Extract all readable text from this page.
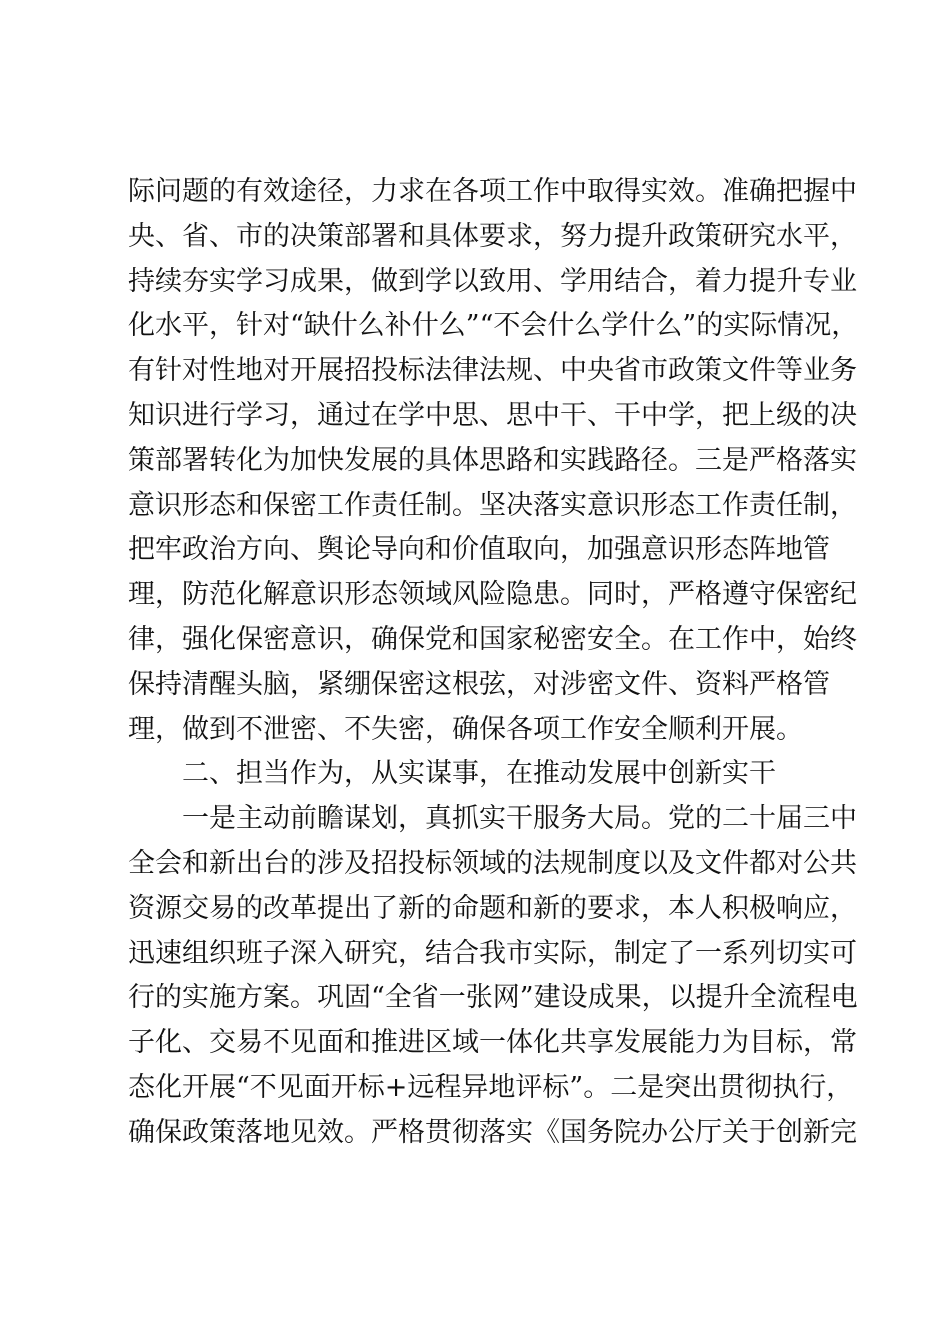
际问题的有效途径，力求在各项工作中取得实效。准确把握中
央、省、市的决策部署和具体要求，努力提升政策研究水平，
持续夯实学习成果，做到学以致用、学用结合，着力提升专业
化水平，针对“缺什么补什么”“不会什么学什么”的实际情况，
有针对性地对开展招投标法律法规、中央省市政策文件等业务
知识进行学习，通过在学中思、思中干、干中学，把上级的决
策部署转化为加快发展的具体思路和实践路径。三是严格落实
意识形态和保密工作责任制。坚决落实意识形态工作责任制，
把牢政治方向、舆论导向和价值取向，加强意识形态阵地管
理，防范化解意识形态领域风险隐患。同时，严格遵守保密纪
律，强化保密意识，确保党和国家秘密安全。在工作中，始终
保持清醒头脑，紧绷保密这根弦，对涉密文件、资料严格管
理，做到不泄密、不失密，确保各项工作安全顺利开展。
二、担当作为，从实谋事，在推动发展中创新实干
一是主动前瞻谋划，真抓实干服务大局。党的二十届三中
全会和新出台的涉及招投标领域的法规制度以及文件都对公共
资源交易的改革提出了新的命题和新的要求，本人积极响应，
迅速组织班子深入研究，结合我市实际，制定了一系列切实可
行的实施方案。巩固“全省一张网”建设成果，以提升全流程电
子化、交易不见面和推进区域一体化共享发展能力为目标，常
态化开展“不见面开标+远程异地评标”。二是突出贯彻执行，
确保政策落地见效。严格贯彻落实《国务院办公厅关于创新完
